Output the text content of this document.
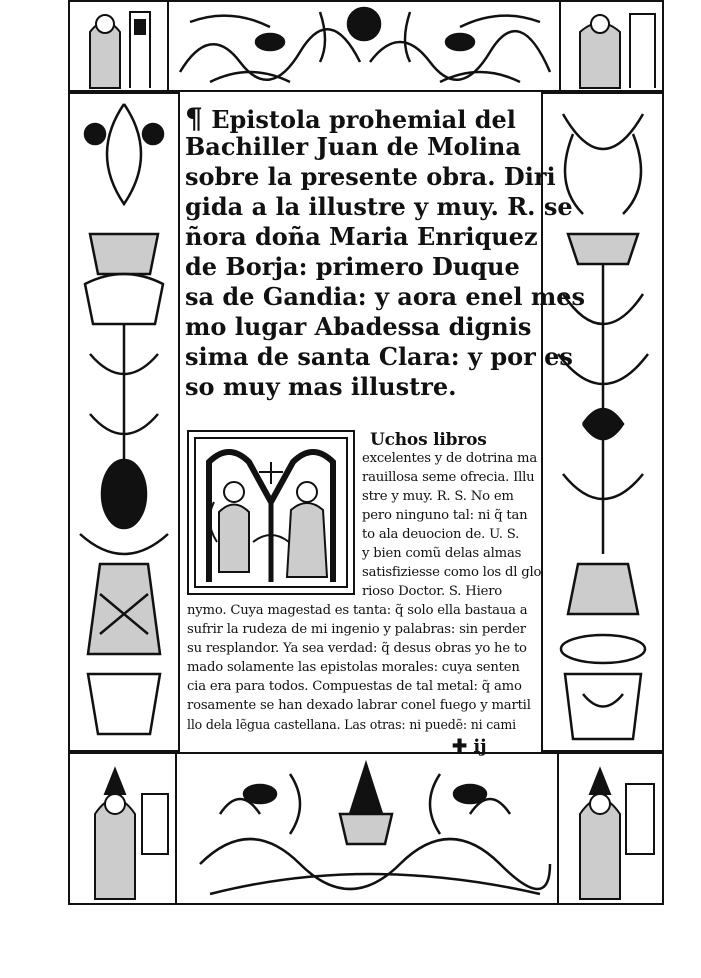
¶ Epistola prohemial del
Bachiller Juan de Molina
sobre la presente obra. Diri
gida a la illustre y muy. R. se
ñora doña Maria Enriquez
de Borja: primero Duque
sa de Gandia: y aora enel mes
mo lugar Abadessa dignis
sima de santa Clara: y por es
so muy mas illustre.
Uchos libros
excelentes y de dotrina ma
rauillosa seme ofrecia. Illu
stre y muy. R. S. No em
pero ninguno tal: ni q̃ tan
to ala deuocion de. U. S.
y bien comũ delas almas
satisfiziesse como los dl glo
rioso Doctor. S. Hiero
nymo. Cuya magestad es tanta: q̃ solo ella bastaua a
sufrir la rudeza de mi ingenio y palabras: sin perder
su resplandor. Ya sea verdad: q̃ desus obras yo he to
mado solamente las epistolas morales: cuya senten
cia era para todos. Compuestas de tal metal: q̃ amo
rosamente se han dexado labrar conel fuego y martil
llo dela lẽgua castellana. Las otras: ni puedẽ: ni cami
✚ ij
